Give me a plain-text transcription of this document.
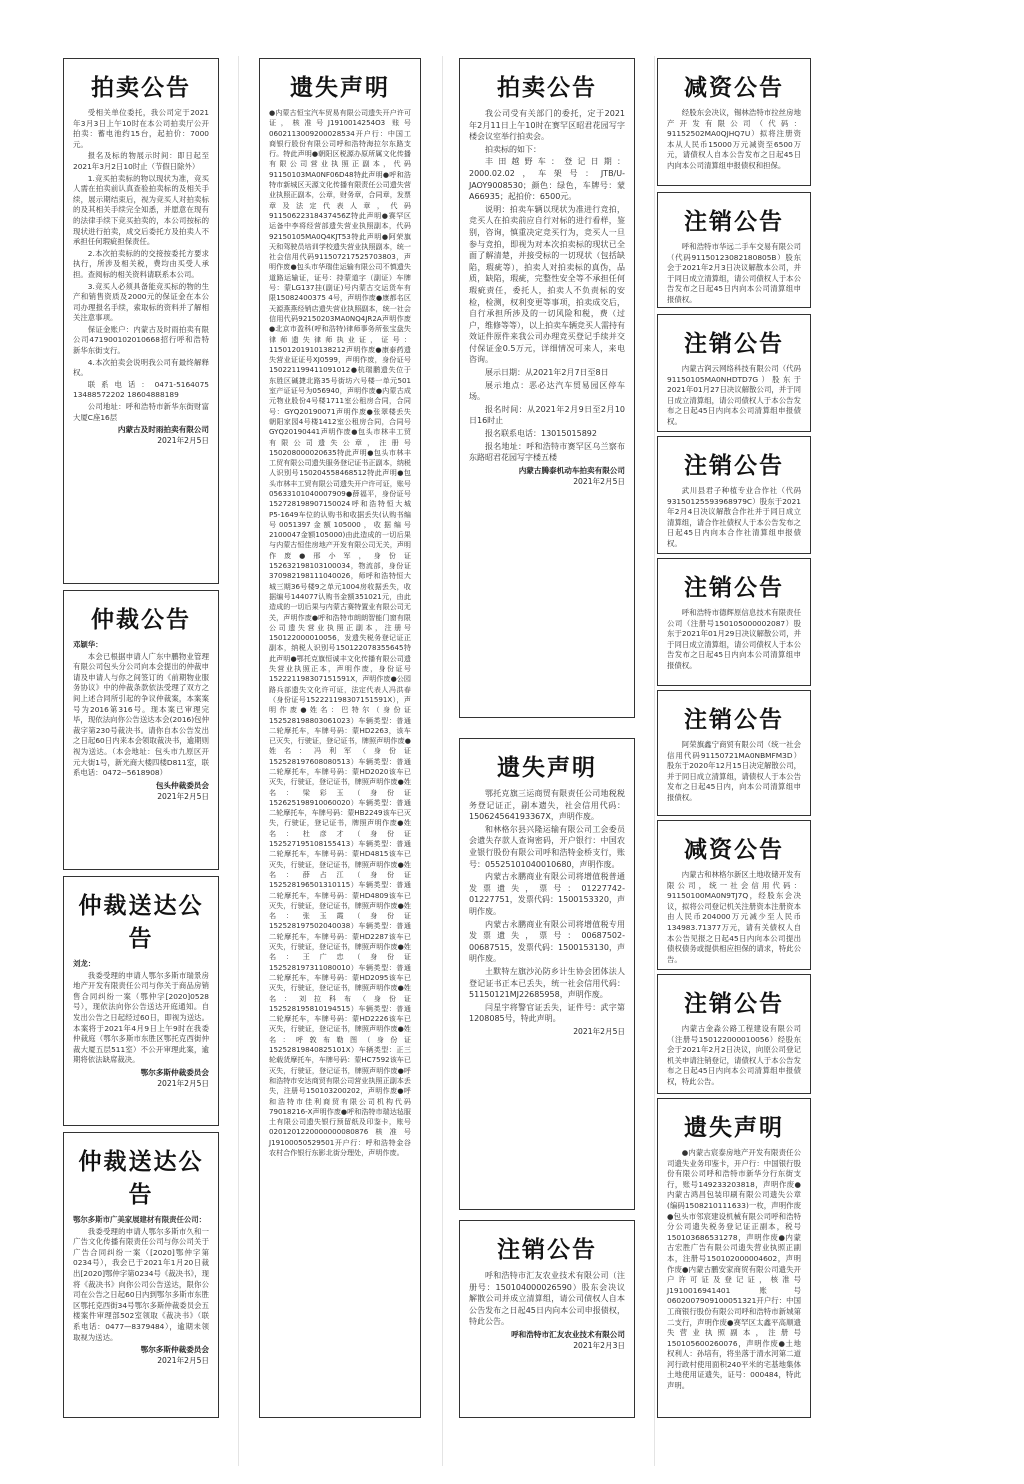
拍卖公告

受相关单位委托，我公司定于2021年3月3日上午10时在本公司拍卖厅公开拍卖：蓄电池约15台，起拍价：7000元。

报名及标的物展示时间：即日起至2021年3月2日10时止（节假日除外）

1.竞买拍卖标的物以现状为准，竞买人需在拍卖前认真查验拍卖标的及相关手续，展示期结束后，视为竞买人对拍卖标的及其相关手续完全知悉，并愿意在现有的法律手续下竞买拍卖的，本公司按标的现状进行拍卖，成交后委托方及拍卖人不承担任何瑕疵担保责任。

2.本次拍卖标的的交接按委托方要求执行，所涉及相关税，费均由买受人承担。查阅标的相关资料请联系本公司。

3.竞买人必须具备能竞买标的物的生产和销售资质及2000元的保证金在本公司办理报名手续，索取标的资料并了解相关注意事项。

保证金账户：内蒙古及时雨拍卖有限公司471900102010668招行呼和浩特新华东街支行。

4.本次拍卖会说明我公司有最终解释权。

联系电话：0471-5164075 13488572202 18604888189

公司地址：呼和浩特市新华东街财富大厦C座16层

内蒙古及时雨拍卖有限公司
2021年2月5日
仲裁公告

邓颖华：

本会已根据申请人广东中鹏物业管理有限公司包头分公司向本会提出的仲裁申请及申请人与你之间签订的《前期物业服务协议》中的仲裁条款依法受理了双方之间上述合同所引起的争议仲裁案，本案案号为2016第316号。现本案已审理完毕，现依法向你公告送达本会(2016)包仲裁字第230号裁决书。请你自本公告发出之日起60日内来本会领取裁决书，逾期则视为送达。（本会地址：包头市九原区开元大街1号，新光商大楼四楼D811室，联系电话：0472--5618908）

包头仲裁委员会
2021年2月5日
仲裁送达公告

刘龙：

我委受理的申请人鄂尔多斯市瑞景房地产开发有限责任公司与你关于商品房销售合同纠纷一案（鄂仲字[2020]0528号），现依法向你公告送达开庭通知。自发出公告之日起经过60日，即视为送达。本案将于2021年4月9日上午9时在我委仲裁庭（鄂尔多斯市东胜区鄂托克西街仲裁大厦五层511室）不公开审理此案，逾期将依法缺席裁决。

鄂尔多斯仲裁委员会
2021年2月5日
仲裁送达公告

鄂尔多斯市广美家展建材有限责任公司：

我委受理的申请人鄂尔多斯市久和一广告文化传播有限责任公司与你公司关于广告合同纠纷一案（[2020]鄂仲字第0234号），我会已于2021年1月20日裁出[2020]鄂仲字第0234号《裁决书》，现将《裁决书》向你公司公告送达，限你公司在公告之日起60日内到鄂尔多斯市东胜区鄂托克西街34号鄂尔多斯仲裁委员会五楼案件审理部502室领取《裁决书》（联系电话：0477—8379484），逾期未领取视为送达。

鄂尔多斯仲裁委员会
2021年2月5日
遗失声明

●内蒙古恒宝汽车贸易有限公司遗失开户许可证，核准号J1910014254O3 账号0602113009200028534开户行：中国工商银行股份有限公司呼和浩特海拉尔东路支行。特此声明●朝阳区税源办原所属文化传播有限公司营业执照正副本，代码91150103MA0NF06D48特此声明●呼和浩特市新城区天源文化传播有限责任公司遗失营业执照正副本，公章，财务章，合同章，发票章及法定代表人章，代码91150622318437456Z特此声明●赛罕区运备中李将经营部遗失营业执照副本，代码92150105MA0Q4KJT53特此声明●阿荣旗天和驾驶员培训学校遗失营业执照副本，统一社会信用代码911507217525703803，声明作废●包头市华瑞佳运输有限公司不慎遗失道路运输证，证号：持蒙道字（副证）车牌号：蒙LG137挂(副证)号内蒙古交运货车有限15082400375 4号，声明作废●康都名区天源燕燕经销店遗失营业执照副本，统一社会信用代码92150203MA0NQ4JR2A声明作废●北京市盈科(呼和浩特)律师事务所张宝盘失律师遗失律师执业证，证号：11501201910138212声明作废●康泰药遗失营业证证号XJ0599，声明作废，身份证号150221199411091012●杭瑞鹏遗失位于东胜区碱捷北路35号街坊六号楼一单元501室产证证号为056940，声明作废●内蒙古成元物业股份4号楼1711室公租房合同，合同号：GYQ20190071声明作废●张翠楼丢失朝阳家园4号楼1412室公租房合同，合同号GYQ20190441声明作废●包头市林丰工贸有限公司遗失公章，注册号150208000020635特此声明●包头市林丰工贸有限公司遗失服务登记证书正副本，纳税人识别号150204558468512特此声明●包头市林丰工贸有限公司遗失开户许可证，账号05633101040007909●薛福平，身份证号152728198907150024呼和浩特恒大城P5-1649车位的认购书和收据丢失(认购书编号0051397金额105000，收据编号2100047金额105000)由此造成的一切后果与内蒙古恒佳房地产开发有限公司无关，声明作废●邢小军，身份证152632198103100034，物流部，身份证370982198111040026，师呼和浩特恒大城三期36号楼9之单元1004房收据丢失，收据编号144077认购书金额351021元，由此造成的一切后果与内蒙古赛特置业有限公司无关，声明作废●呼和浩特市朗朗智能门窗有限公司遗失营业执照正副本，注册号150122000010056，发遗失税务登记证正副本，纳税人识别号150122078355645特此声明●鄂托克旗恒诚丰文化传播有限公司遗失营业执照正本，声明作废，身份证号152221198307151591X，声明作废●公园路兵部遗失文化许可证，法定代表人冯洪春（身份证号152221198307151591X），声明作废●姓名：巴特尔（身份证152528198803061023）车辆类型：普通二轮摩托车，车牌号码：蒙HD2263，该车已灭失，行驶证，登记证书，牌照声明作废●姓名：冯利军（身份证152528197608080513）车辆类型：普通二轮摩托车，车牌号码：蒙HD2020该车已灭失，行驶证，登记证书，牌照声明作废●姓名：梁彩玉（身份证152625198910060020）车辆类型：普通二轮摩托车，车牌号码：蒙HB2249该车已灭失，行驶证，登记证书，牌照声明作废●姓名：杜彦才（身份证152527195108155413）车辆类型：普通二轮摩托车，车牌号码：蒙HD4815该车已灭失，行驶证，登记证书，牌照声明作废●姓名：薛占江（身份证152528196501310115）车辆类型：普通二轮摩托车，车牌号码：蒙HD4809该车已灭失，行驶证，登记证书，牌照声明作废●姓名：张玉霞（身份证152528197502040038）车辆类型：普通二轮摩托车，车牌号码：蒙HD2287该车已灭失，行驶证，登记证书，牌照声明作废●姓名：王广忠（身份证152528197311080010）车辆类型：普通二轮摩托车，车牌号码：蒙HD2095该车已灭失，行驶证，登记证书，牌照声明作废●姓名：刘拉科布（身份证152528195810194515）车辆类型：普通二轮摩托车，车牌号码：蒙HD2226该车已灭失，行驶证，登记证书，牌照声明作废●姓名：呼敦布勒图（身份证15252819840825101X）车辆类型：正三轮载货摩托车，车牌号码：蒙HC7592该车已灭失，行驶证，登记证书，牌照声明作废●呼和浩特市安达商贸有限公司营业执照正副本丢失，注册号150103200202，声明作废●呼和浩特市佳利商贸有限公司机构代码79018216-X声明作废●呼和浩特市瑞达毡服土有限公司遗失银行预留纸及印鉴卡，账号0201201220000000080876核准号J19100050529501开户行：呼和浩特金谷农村合作银行东影北街分理处，声明作废。

拍卖公告

我公司受有关部门的委托，定于2021年2月11日上午10时在赛罕区昭君花园写字楼会议室举行拍卖会。

拍卖标的如下：

丰田越野车：登记日期：2000.02.02，车架号：JTB/U-JAOY9008530；颜色：绿色，车牌号：蒙A66935；起拍价：6500元。

说明：拍卖车辆以现状为准进行竞拍，竞买人在拍卖前应自行对标的进行看样，鉴别，咨询，慎重决定竞买行为，竞买人一旦参与竞拍，即视为对本次拍卖标的现状已全面了解清楚，并接受标的一切现状（包括缺陷，瑕疵等），拍卖人对拍卖标的真伪，品质，缺陷，瑕疵，完整性安全等不承担任何瑕疵责任，委托人，拍卖人不负责标的安检，检测，权利变更等事项，拍卖成交后，自行承担所涉及的一切风险和税，费（过户，维修等等），以上拍卖车辆竞买人需持有效证件原件来我公司办理竞买登记手续并交付保证金0.5万元，详细情况可来人，来电咨询。

展示日期：从2021年2月7日至8日

展示地点：恶必达汽车贸易园区停车场。

报名时间：从2021年2月9日至2月10日16时止

报名联系电话：13015015892

报名地址：呼和浩特市赛罕区乌兰察布东路昭君花园写字楼五楼

内蒙古腾泰机动车拍卖有限公司
2021年2月5日
遗失声明

鄂托克旗三运商贸有限责任公司地税税务登记证正，副本遗失，社会信用代码：150624564193367X，声明作废。

和林格尔县兴隆运输有限公司工会委员会遗失存款人查询密码，开户银行：中国农业银行股份有限公司呼和浩特金桥支行，账号：05525101040010680，声明作废。

内蒙古永鹏商业有限公司将增值税普通发票遗失，票号：01227742-01227751，发票代码：1500153320，声明作废。

内蒙古永鹏商业有限公司将增值税专用发票遗失，票号：00687502-00687515，发票代码：1500153130，声明作废。

土默特左旗沙沁防乡计生协会团体法人登记证书正本已丢失，统一社会信用代码：51150121MJ22685958，声明作废。

闫星宇将警官证丢失，证件号：武字第1208085号，特此声明。

2021年2月5日
注销公告

呼和浩特市汇友农业技术有限公司（注册号：150104000026590）股东会决议解散公司并成立清算组，请公司债权人自本公告发布之日起45日内向本公司申报债权，特此公告。

呼和浩特市汇友农业技术有限公司
2021年2月3日
减资公告

经股东会决议，锡林浩特市拉丝房地产开发有限公司（代码：91152502MA0QJHQ7U）拟将注册资本从人民币15000万元减资至6500万元，请债权人自本公告发布之日起45日内向本公司清算组申报债权和担保。

注销公告

呼和浩特市华远二手车交易有限公司（代码91150123082180805B）股东会于2021年2月3日决议解散本公司，并于同日成立清算组，请公司债权人于本公告发布之日起45日内向本公司清算组申报债权。

注销公告

内蒙古润云网络科技有限公司（代码91150105MA0NHDTD7G）股东于2021年01月27日决议解散公司，并于同日成立清算组，请公司债权人于本公告发布之日起45日内向本公司清算组申报债权。

注销公告

武川县君子种植专业合作社（代码93150125593968979C）股东于2021年2月4日决议解散合作社并于同日成立清算组，请合作社债权人于本公告发布之日起45日内向本合作社清算组申报债权。

注销公告

呼和浩特市德辉原信息技术有限责任公司（注册号150105000002087）股东于2021年01月29日决议解散公司，并于同日成立清算组，请公司债权人于本公告发布之日起45日内向本公司清算组申报债权。

注销公告

阿荣旗鑫宁商贸有限公司（统一社会信用代码91150721MA0NBMFM3D）股东于2020年12月15日决定解散公司，并于同日成立清算组，请债权人于本公告发布之日起45日内，向本公司清算组申报债权。

减资公告

内蒙古和林格尔新区土地收储开发有限公司，统一社会信用代码：91150100MA0N9TJ7Q，经股东会决议，拟将公司登记机关注册资本注册资本由人民币204000万元减少至人民币134983.71377万元，请有关债权人自本公告见报之日起45日内向本公司提出债权债务或提供相应担保的请求，特此公告。

注销公告

内蒙古金淼公路工程建设有限公司（注册号150122000010056）经股东会于2021年2月2日决议，向原公司登记机关申请注销登记，请债权人于本公告发布之日起45日内向本公司清算组申报债权，特此公告。

遗失声明

●内蒙古宸泰房地产开发有限责任公司遗失业务印鉴卡，开户行：中国银行股份有限公司呼和浩特市新华分行东街支行，账号149233203818，声明作废●内蒙古鸿昌包装印刷有限公司遗失公章(编码1508210111633)一枚，声明作废●包头市邻宸建设机械有限公司呼和浩特分公司遗失税务登记证正副本，税号150103686531278，声明作废●内蒙古宏胜广告有限公司遗失营业执照正副本，注册号150102000004602，声明作废●内蒙古鹏安家商贸有限公司遗失开户许可证及登记证，核准号J1910016941401 账号0602007909100051321开户行：中国工商银行股份有限公司呼和浩特市新城第二支行，声明作废●赛罕区太鑫平高顺遗失营业执照副本，注册号150105600260076，声明作废●土地权利人：孙培有，将坐落于清水河第二道河行政村使用面积240平米的宅基地集体土地使用证遗失，证号：000484，特此声明。
